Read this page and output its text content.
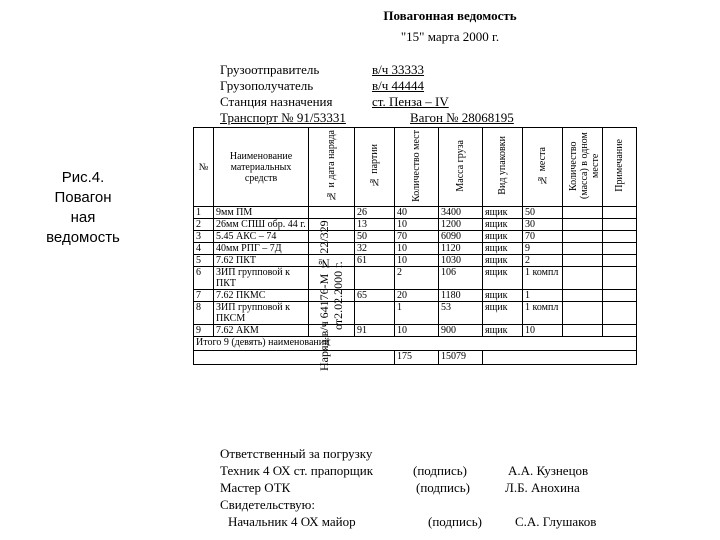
Рис.4.
Повагон
ная
ведомость
Повагонная ведомость
"15" марта 2000 г.
Грузоотправитель	в/ч 33333
Грузополучатель	в/ч 44444
Станция назначения	ст. Пенза – IV
Транспорт № 91/53331	Вагон № 28068195
№	Наименование материальных средств	№ и дата наряда	№ партии	Количество мест	Масса груза	Вид упаковки	№ места	Количество (масса) в одном месте	Примечание
1	9мм ПМ		26	40	3400	ящик	50		
2	26мм СПШ обр. 44 г.		13	10	1200	ящик	30		
3	5.45 АКС – 74		50	70	6090	ящик	70		
4	40мм РПГ – 7Д		32	10	1120	ящик	9		
5	7.62 ПКТ		61	10	1030	ящик	2		
6	ЗИП групповой к ПКТ			2	106	ящик	1 компл		
7	7.62 ПКМС		65	20	1180	ящик	1		
8	ЗИП групповой к ПКСМ			1	53	ящик	1 компл		
9	7.62 АКМ		91	10	900	ящик	10		
Итого 9 (девять) наименований									
				175	15079				
Наряд в/ч 64176-М № 22/329 от2.02.2000 г.
Ответственный за погрузку
Техник 4 ОХ ст. прапорщик	(подпись)	А.А. Кузнецов
Мастер ОТК	(подпись)	Л.Б. Анохина
Свидетельствую:
Начальник 4 ОХ майор	(подпись)	С.А. Глушаков
